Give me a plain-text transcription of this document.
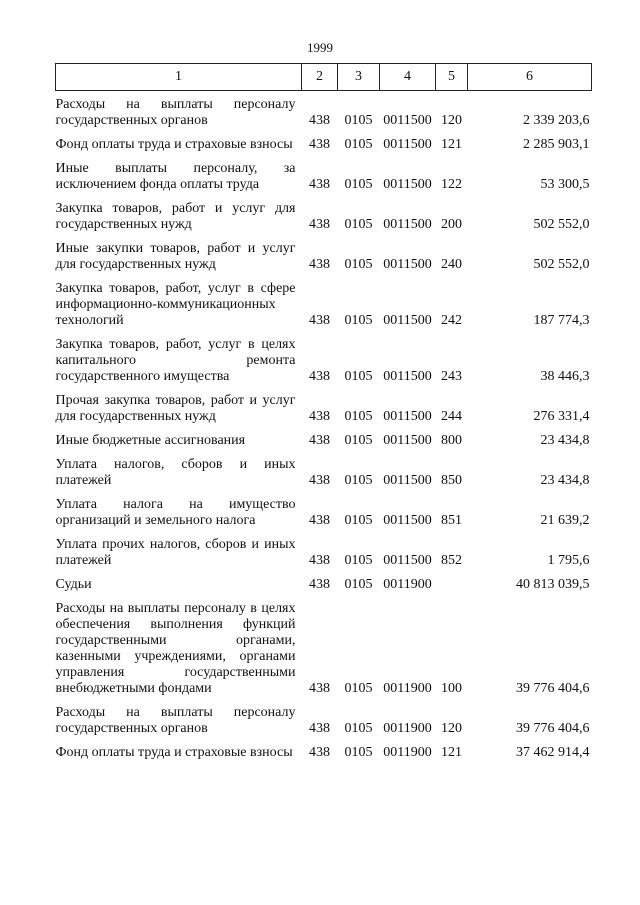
1999
1	2	3	4	5	6
Расходы на выплаты персоналу государственных органов	438	0105	0011500	120	2 339 203,6
Фонд оплаты труда и страховые взносы	438	0105	0011500	121	2 285 903,1
Иные выплаты персоналу, за исключением фонда оплаты труда	438	0105	0011500	122	53 300,5
Закупка товаров, работ и услуг для государственных нужд	438	0105	0011500	200	502 552,0
Иные закупки товаров, работ и услуг для государственных нужд	438	0105	0011500	240	502 552,0
Закупка товаров, работ, услуг в сфере информационно-коммуникационных технологий	438	0105	0011500	242	187 774,3
Закупка товаров, работ, услуг в целях капитального ремонта государственного имущества	438	0105	0011500	243	38 446,3
Прочая закупка товаров, работ и услуг для государственных нужд	438	0105	0011500	244	276 331,4
Иные бюджетные ассигнования	438	0105	0011500	800	23 434,8
Уплата налогов, сборов и иных платежей	438	0105	0011500	850	23 434,8
Уплата налога на имущество организаций и земельного налога	438	0105	0011500	851	21 639,2
Уплата прочих налогов, сборов и иных платежей	438	0105	0011500	852	1 795,6
Судьи	438	0105	0011900		40 813 039,5
Расходы на выплаты персоналу в целях обеспечения выполнения функций государственными органами, казенными учреждениями, органами управления государственными внебюджетными фондами	438	0105	0011900	100	39 776 404,6
Расходы на выплаты персоналу государственных органов	438	0105	0011900	120	39 776 404,6
Фонд оплаты труда и страховые взносы	438	0105	0011900	121	37 462 914,4
